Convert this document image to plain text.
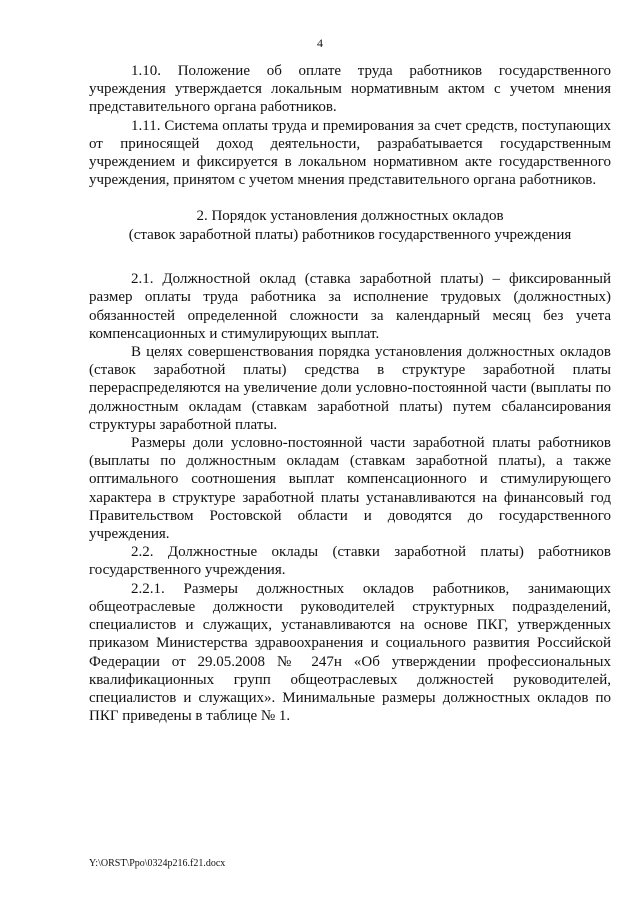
4

1.10. Положение об оплате труда работников государственного учреждения утверждается локальным нормативным актом с учетом мнения представительного органа работников.

1.11. Система оплаты труда и премирования за счет средств, поступающих от приносящей доход деятельности, разрабатывается государственным учреждением и фиксируется в локальном нормативном акте государственного учреждения, принятом с учетом мнения представительного органа работников.

2. Порядок установления должностных окладов
(ставок заработной платы) работников государственного учреждения

2.1. Должностной оклад (ставка заработной платы) – фиксированный размер оплаты труда работника за исполнение трудовых (должностных) обязанностей определенной сложности за календарный месяц без учета компенсационных и стимулирующих выплат.

В целях совершенствования порядка установления должностных окладов (ставок заработной платы) средства в структуре заработной платы перераспределяются на увеличение доли условно-постоянной части (выплаты по должностным окладам (ставкам заработной платы) путем сбалансирования структуры заработной платы.

Размеры доли условно-постоянной части заработной платы работников (выплаты по должностным окладам (ставкам заработной платы), а также оптимального соотношения выплат компенсационного и стимулирующего характера в структуре заработной платы устанавливаются на финансовый год Правительством Ростовской области и доводятся до государственного учреждения.

2.2. Должностные оклады (ставки заработной платы) работников государственного учреждения.

2.2.1. Размеры должностных окладов работников, занимающих общеотраслевые должности руководителей структурных подразделений, специалистов и служащих, устанавливаются на основе ПКГ, утвержденных приказом Министерства здравоохранения и социального развития Российской Федерации от 29.05.2008 № 247н «Об утверждении профессиональных квалификационных групп общеотраслевых должностей руководителей, специалистов и служащих». Минимальные размеры должностных окладов по ПКГ приведены в таблице № 1.

Y:\ORST\Ppo\0324p216.f21.docx
